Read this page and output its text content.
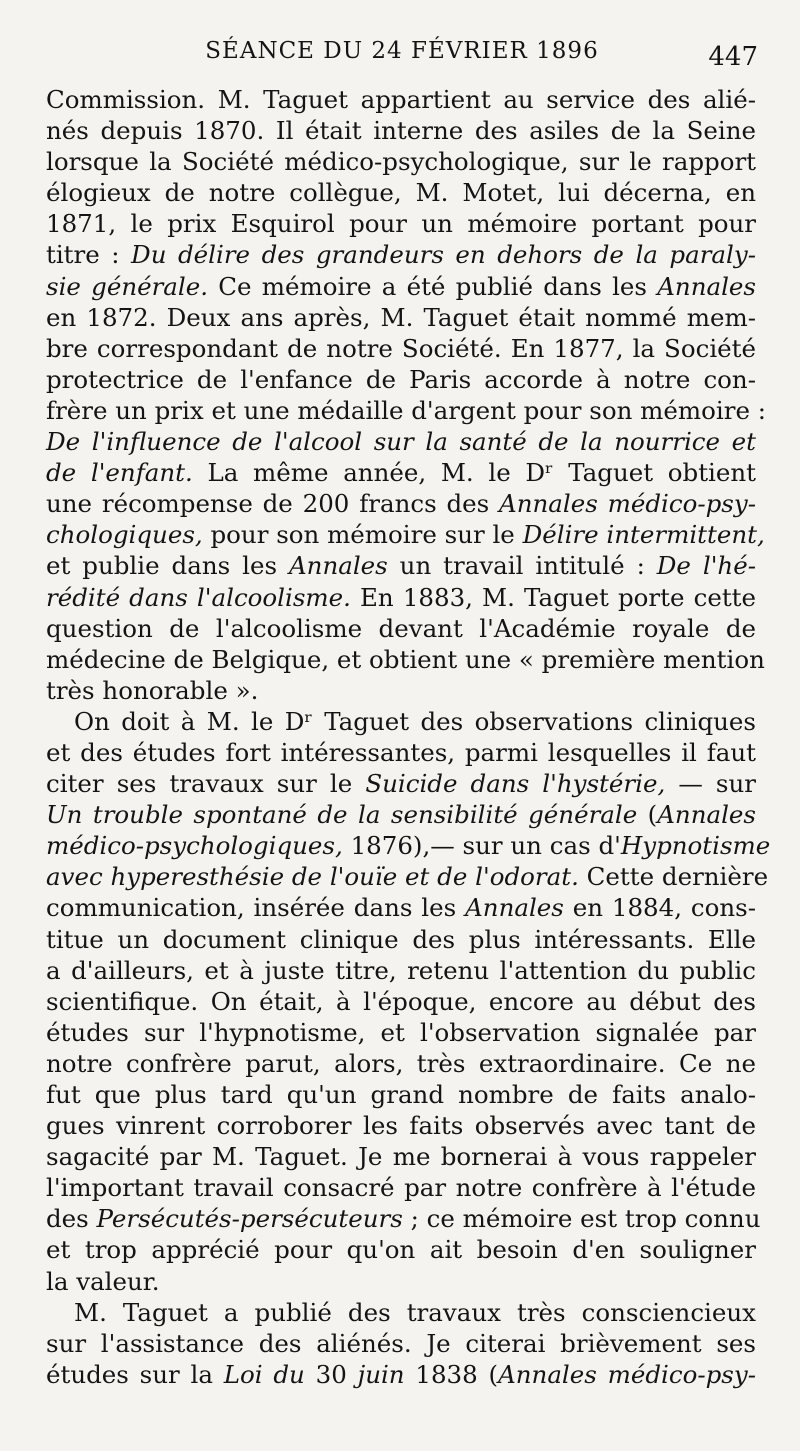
SÉANCE DU 24 FÉVRIER 1896	447
Commission. M. Taguet appartient au service des alié-
nés depuis 1870. Il était interne des asiles de la Seine
lorsque la Société médico-psychologique, sur le rapport
élogieux de notre collègue, M. Motet, lui décerna, en
1871, le prix Esquirol pour un mémoire portant pour
titre : Du délire des grandeurs en dehors de la paraly-
sie générale. Ce mémoire a été publié dans les Annales
en 1872. Deux ans après, M. Taguet était nommé mem-
bre correspondant de notre Société. En 1877, la Société
protectrice de l'enfance de Paris accorde à notre con-
frère un prix et une médaille d'argent pour son mémoire :
De l'influence de l'alcool sur la santé de la nourrice et
de l'enfant. La même année, M. le Dʳ Taguet obtient
une récompense de 200 francs des Annales médico-psy-
chologiques, pour son mémoire sur le Délire intermittent,
et publie dans les Annales un travail intitulé : De l'hé-
rédité dans l'alcoolisme. En 1883, M. Taguet porte cette
question de l'alcoolisme devant l'Académie royale de
médecine de Belgique, et obtient une « première mention
très honorable ».
On doit à M. le Dʳ Taguet des observations cliniques
et des études fort intéressantes, parmi lesquelles il faut
citer ses travaux sur le Suicide dans l'hystérie, — sur
Un trouble spontané de la sensibilité générale (Annales
médico-psychologiques, 1876),— sur un cas d'Hypnotisme
avec hyperesthésie de l'ouïe et de l'odorat. Cette dernière
communication, insérée dans les Annales en 1884, cons-
titue un document clinique des plus intéressants. Elle
a d'ailleurs, et à juste titre, retenu l'attention du public
scientifique. On était, à l'époque, encore au début des
études sur l'hypnotisme, et l'observation signalée par
notre confrère parut, alors, très extraordinaire. Ce ne
fut que plus tard qu'un grand nombre de faits analo-
gues vinrent corroborer les faits observés avec tant de
sagacité par M. Taguet. Je me bornerai à vous rappeler
l'important travail consacré par notre confrère à l'étude
des Persécutés-persécuteurs ; ce mémoire est trop connu
et trop apprécié pour qu'on ait besoin d'en souligner
la valeur.
M. Taguet a publié des travaux très consciencieux
sur l'assistance des aliénés. Je citerai brièvement ses
études sur la Loi du 30 juin 1838 (Annales médico-psy-
